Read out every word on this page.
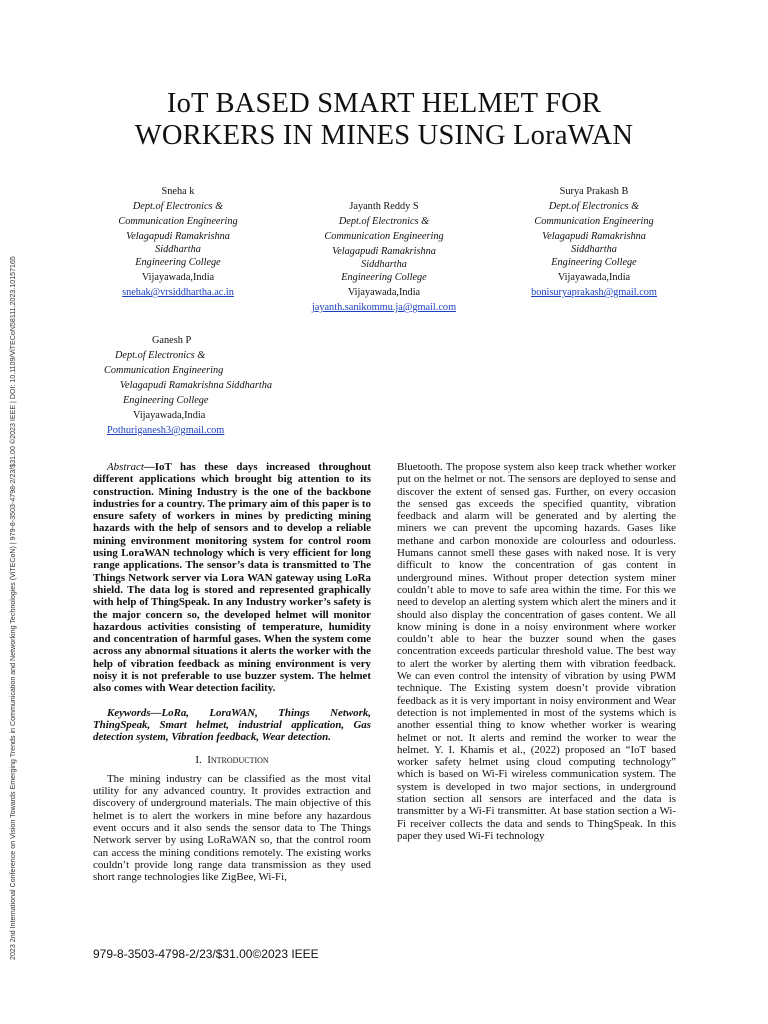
2023 2nd International Conference on Vision Towards Emerging Trends in Communication and Networking Technologies (ViTECoN) | 979-8-3503-4798-2/23/$31.00 ©2023 IEEE | DOI: 10.1109/ViTECoN58111.2023.10157165
IoT BASED SMART HELMET FOR
WORKERS IN MINES USING LoraWAN
Sneha k
Dept.of Electronics &
Communication Engineering
Velagapudi Ramakrishna
Siddhartha
Engineering College
Vijayawada,India
snehak@vrsiddhartha.ac.in
Jayanth Reddy S
Dept.of Electronics &
Communication Engineering
Velagapudi Ramakrishna
Siddhartha
Engineering College
Vijayawada,India
jayanth.sanikommu.ja@gmail.com
Surya Prakash B
Dept.of Electronics &
Communication Engineering
Velagapudi Ramakrishna
Siddhartha
Engineering College
Vijayawada,India
bonisuryaprakash@gmail.com
Ganesh P
Dept.of Electronics &
Communication Engineering
Velagapudi Ramakrishna Siddhartha
Engineering College
Vijayawada,India
Pothuriganesh3@gmail.com

Abstract—IoT has these days increased throughout different applications which brought big attention to its construction. Mining Industry is the one of the backbone industries for a country. The primary aim of this paper is to ensure safety of workers in mines by predicting mining hazards with the help of sensors and to develop a reliable mining environment monitoring system for control room using LoraWAN technology which is very efficient for long range applications. The sensor’s data is transmitted to The Things Network server via Lora WAN gateway using LoRa shield. The data log is stored and represented graphically with help of ThingSpeak. In any Industry worker’s safety is the major concern so, the developed helmet will monitor hazardous activities consisting of temperature, humidity and concentration of harmful gases. When the system come across any abnormal situations it alerts the worker with the help of vibration feedback as mining environment is very noisy it is not preferable to use buzzer system. The helmet also comes with Wear detection facility.

Keywords—LoRa, LoraWAN, Things Network, ThingSpeak, Smart helmet, industrial application, Gas detection system, Vibration feedback, Wear detection.

I. Introduction

The mining industry can be classified as the most vital utility for any advanced country. It provides extraction and discovery of underground materials. The main objective of this helmet is to alert the workers in mine before any hazardous event occurs and it also sends the sensor data to The Things Network server by using LoRaWAN so, that the control room can access the mining conditions remotely. The existing works couldn’t provide long range data transmission as they used short range technologies like ZigBee, Wi-Fi,

Bluetooth. The propose system also keep track whether worker put on the helmet or not. The sensors are deployed to sense and discover the extent of sensed gas. Further, on every occasion the sensed gas exceeds the specified quantity, vibration feedback and alarm will be generated and by alerting the miners we can prevent the upcoming hazards. Gases like methane and carbon monoxide are colourless and odourless. Humans cannot smell these gases with naked nose. It is very difficult to know the concentration of gas content in underground mines. Without proper detection system miner couldn’t able to move to safe area within the time. For this we need to develop an alerting system which alert the miners and it should also display the concentration of gases content. We all know mining is done in a noisy environment where worker couldn’t able to hear the buzzer sound when the gases concentration exceeds particular threshold value. The best way to alert the worker by alerting them with vibration feedback. We can even control the intensity of vibration by using PWM technique. The Existing system doesn’t provide vibration feedback as it is very important in noisy environment and Wear detection is not implemented in most of the systems which is another essential thing to know whether worker is wearing helmet or not. It alerts and remind the worker to wear the helmet. Y. I. Khamis et al., (2022) proposed an “IoT based worker safety helmet using cloud computing technology” which is based on Wi-Fi wireless communication system. The system is developed in two major sections, in underground station section all sensors are interfaced and the data is transmitter by a Wi-Fi transmitter. At base station section a Wi-Fi receiver collects the data and sends to ThingSpeak. In this paper they used Wi-Fi technology

979-8-3503-4798-2/23/$31.00©2023 IEEE
